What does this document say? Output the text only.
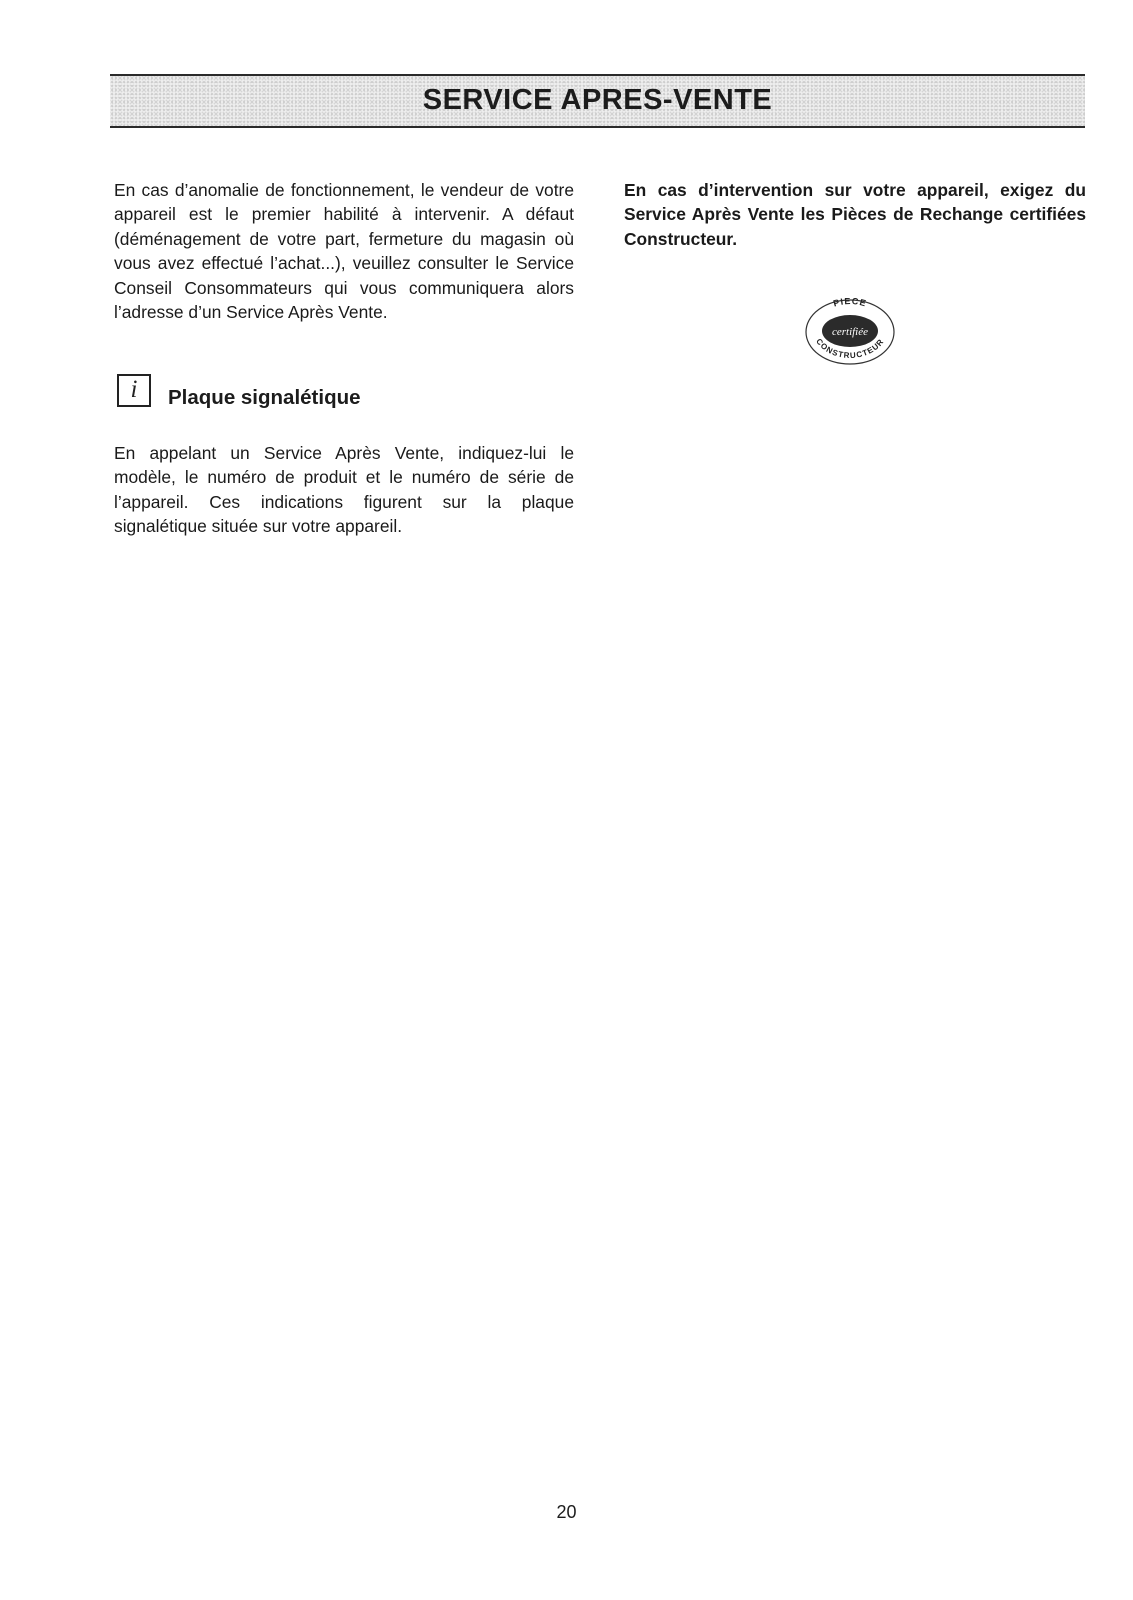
SERVICE APRES-VENTE

En cas d’anomalie de fonctionnement, le vendeur de votre appareil est le premier habilité à intervenir. A défaut (déménagement de votre part, fermeture du magasin où vous avez effectué l’achat...), veuillez consulter le Service Conseil Consommateurs qui vous communiquera alors l’adresse d’un Service Après Vente.

En cas d’intervention sur votre appareil, exigez du Service Après Vente les Pièces de Rechange certifiées Constructeur.

PIECE
certifiée
CONSTRUCTEUR
i	Plaque signalétique

En appelant un Service Après Vente, indiquez-lui le modèle, le numéro de produit et le numéro de série de l’appareil. Ces indications figurent sur la plaque signalétique située sur votre appareil.

20
